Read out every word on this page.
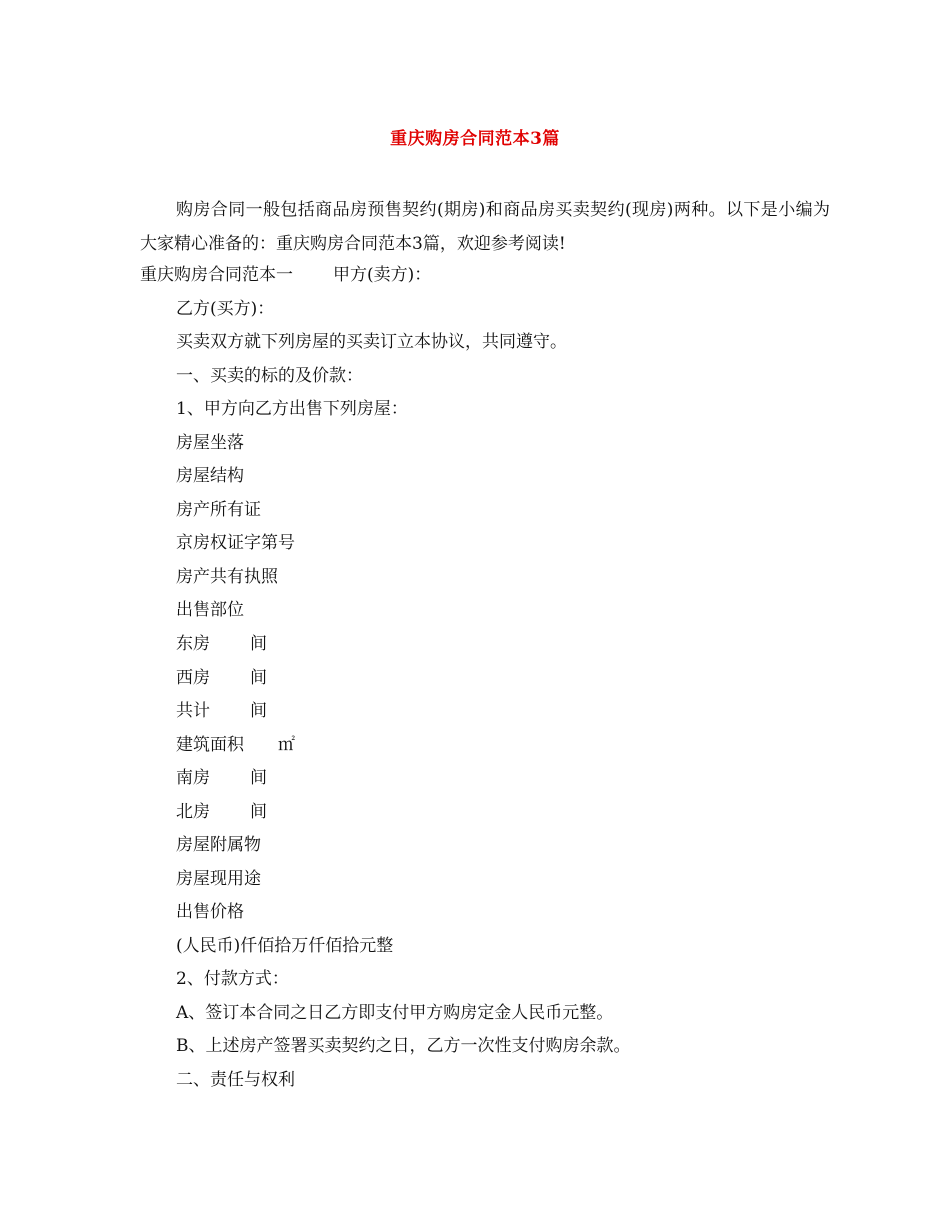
重庆购房合同范本3篇
购房合同一般包括商品房预售契约(期房)和商品房买卖契约(现房)两种。以下是小编为大家精心准备的：重庆购房合同范本3篇，欢迎参考阅读!
重庆购房合同范本一 甲方(卖方)：
乙方(买方)：
买卖双方就下列房屋的买卖订立本协议，共同遵守。
一、买卖的标的及价款：
1、甲方向乙方出售下列房屋：
房屋坐落
房屋结构
房产所有证
京房权证字第号
房产共有执照
出售部位
东房 间
西房 间
共计 间
建筑面积 ㎡
南房 间
北房 间
房屋附属物
房屋现用途
出售价格
(人民币)仟佰拾万仟佰拾元整
2、付款方式：
A、签订本合同之日乙方即支付甲方购房定金人民币元整。
B、上述房产签署买卖契约之日，乙方一次性支付购房余款。
二、责任与权利
